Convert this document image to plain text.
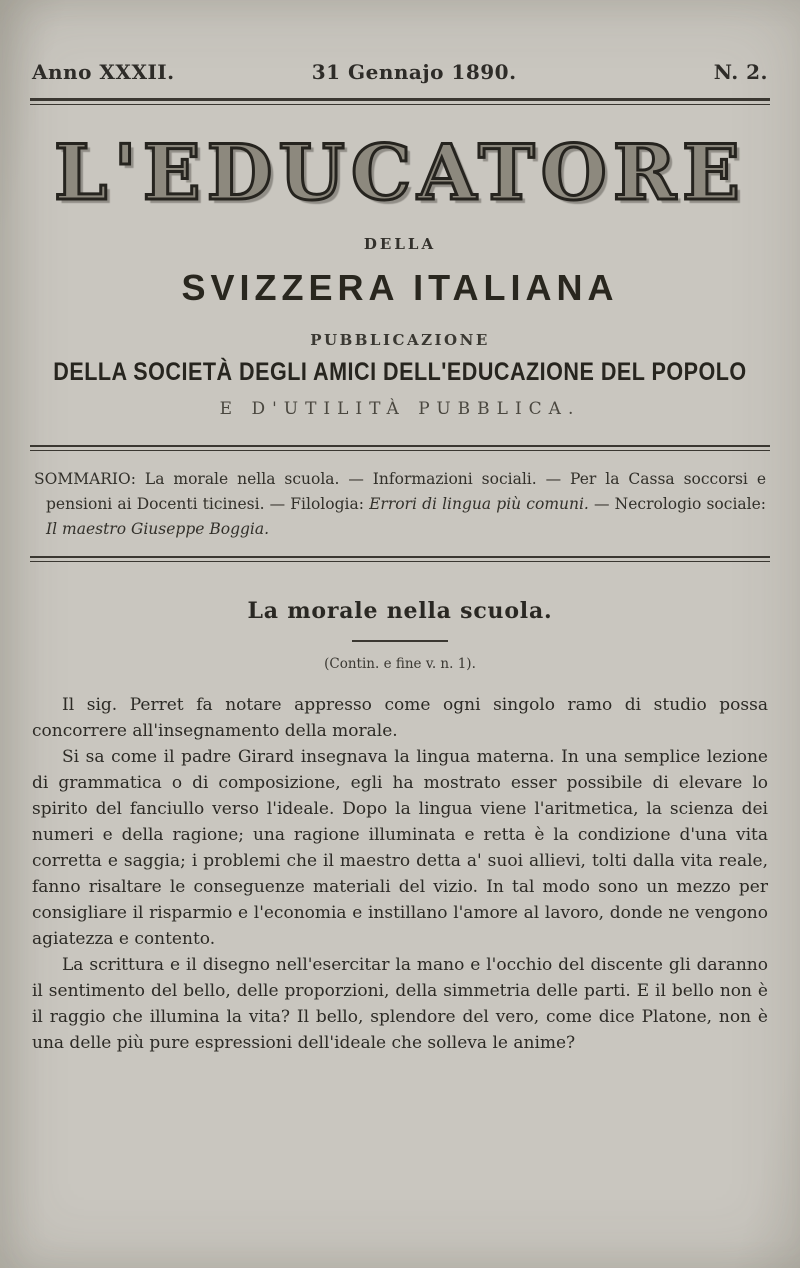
Anno XXXII.	31 Gennajo 1890.	N. 2.
L'EDUCATORE
DELLA
SVIZZERA ITALIANA
PUBBLICAZIONE
DELLA SOCIETÀ DEGLI AMICI DELL'EDUCAZIONE DEL POPOLO
E D'UTILITÀ PUBBLICA.
SOMMARIO: La morale nella scuola. — Informazioni sociali. — Per la Cassa soccorsi e pensioni ai Docenti ticinesi. — Filologia: Errori di lingua più comuni. — Necrologio sociale: Il maestro Giuseppe Boggia.
La morale nella scuola.
(Contin. e fine v. n. 1).

Il sig. Perret fa notare appresso come ogni singolo ramo di studio possa concorrere all'insegnamento della morale.

Si sa come il padre Girard insegnava la lingua materna. In una semplice lezione di grammatica o di composizione, egli ha mostrato esser possibile di elevare lo spirito del fanciullo verso l'ideale. Dopo la lingua viene l'aritmetica, la scienza dei numeri e della ragione; una ragione illuminata e retta è la condizione d'una vita corretta e saggia; i problemi che il maestro detta a' suoi allievi, tolti dalla vita reale, fanno risaltare le conseguenze materiali del vizio. In tal modo sono un mezzo per consigliare il risparmio e l'economia e instillano l'amore al lavoro, donde ne vengono agiatezza e contento.

La scrittura e il disegno nell'esercitar la mano e l'occhio del discente gli daranno il sentimento del bello, delle proporzioni, della simmetria delle parti. E il bello non è il raggio che illumina la vita? Il bello, splendore del vero, come dice Platone, non è una delle più pure espressioni dell'ideale che solleva le anime?
